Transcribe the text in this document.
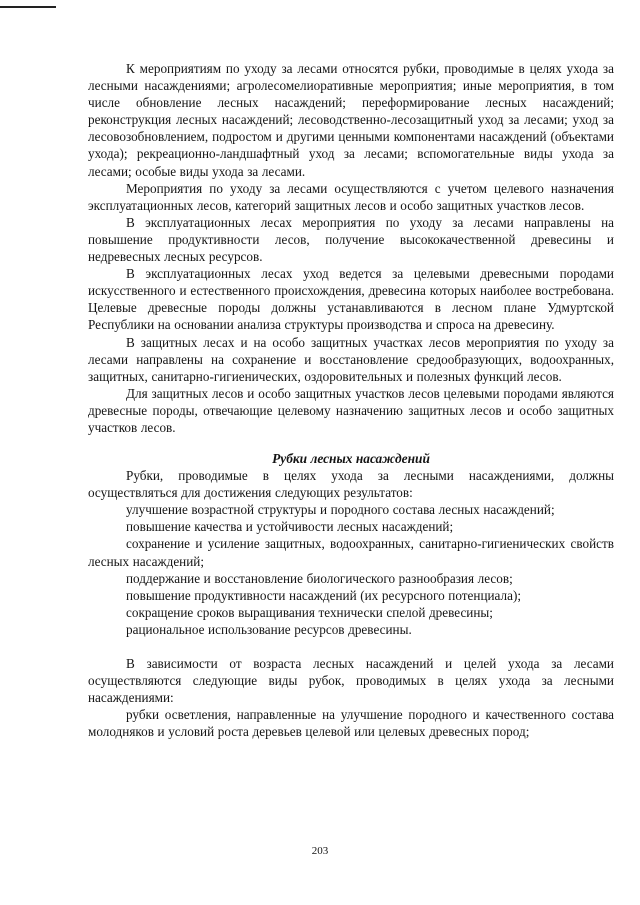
К мероприятиям по уходу за лесами относятся рубки, проводимые в целях ухода за лесными насаждениями; агролесомелиоративные мероприятия; иные мероприятия, в том числе обновление лесных насаждений; переформирование лесных насаждений; реконструкция лесных насаждений; лесоводственно-лесозащитный уход за лесами; уход за лесовозобновлением, подростом и другими ценными компонентами насаждений (объектами ухода); рекреационно-ландшафтный уход за лесами; вспомогательные виды ухода за лесами; особые виды ухода за лесами.

Мероприятия по уходу за лесами осуществляются с учетом целевого назначения эксплуатационных лесов, категорий защитных лесов и особо защитных участков лесов.

В эксплуатационных лесах мероприятия по уходу за лесами направлены на повышение продуктивности лесов, получение высококачественной древесины и недревесных лесных ресурсов.

В эксплуатационных лесах уход ведется за целевыми древесными породами искусственного и естественного происхождения, древесина которых наиболее востребована. Целевые древесные породы должны устанавливаются в лесном плане Удмуртской Республики на основании анализа структуры производства и спроса на древесину.

В защитных лесах и на особо защитных участках лесов мероприятия по уходу за лесами направлены на сохранение и восстановление средообразующих, водоохранных, защитных, санитарно-гигиенических, оздоровительных и полезных функций лесов.

Для защитных лесов и особо защитных участков лесов целевыми породами являются древесные породы, отвечающие целевому назначению защитных лесов и особо защитных участков лесов.

Рубки лесных насаждений

Рубки, проводимые в целях ухода за лесными насаждениями, должны осуществляться для достижения следующих результатов:

улучшение возрастной структуры и породного состава лесных насаждений;

повышение качества и устойчивости лесных насаждений;

сохранение и усиление защитных, водоохранных, санитарно-гигиенических свойств лесных насаждений;

поддержание и восстановление биологического разнообразия лесов;

повышение продуктивности насаждений (их ресурсного потенциала);

сокращение сроков выращивания технически спелой древесины;

рациональное использование ресурсов древесины.

В зависимости от возраста лесных насаждений и целей ухода за лесами осуществляются следующие виды рубок, проводимых в целях ухода за лесными насаждениями:

рубки осветления, направленные на улучшение породного и качественного состава молодняков и условий роста деревьев целевой или целевых древесных пород;

203
